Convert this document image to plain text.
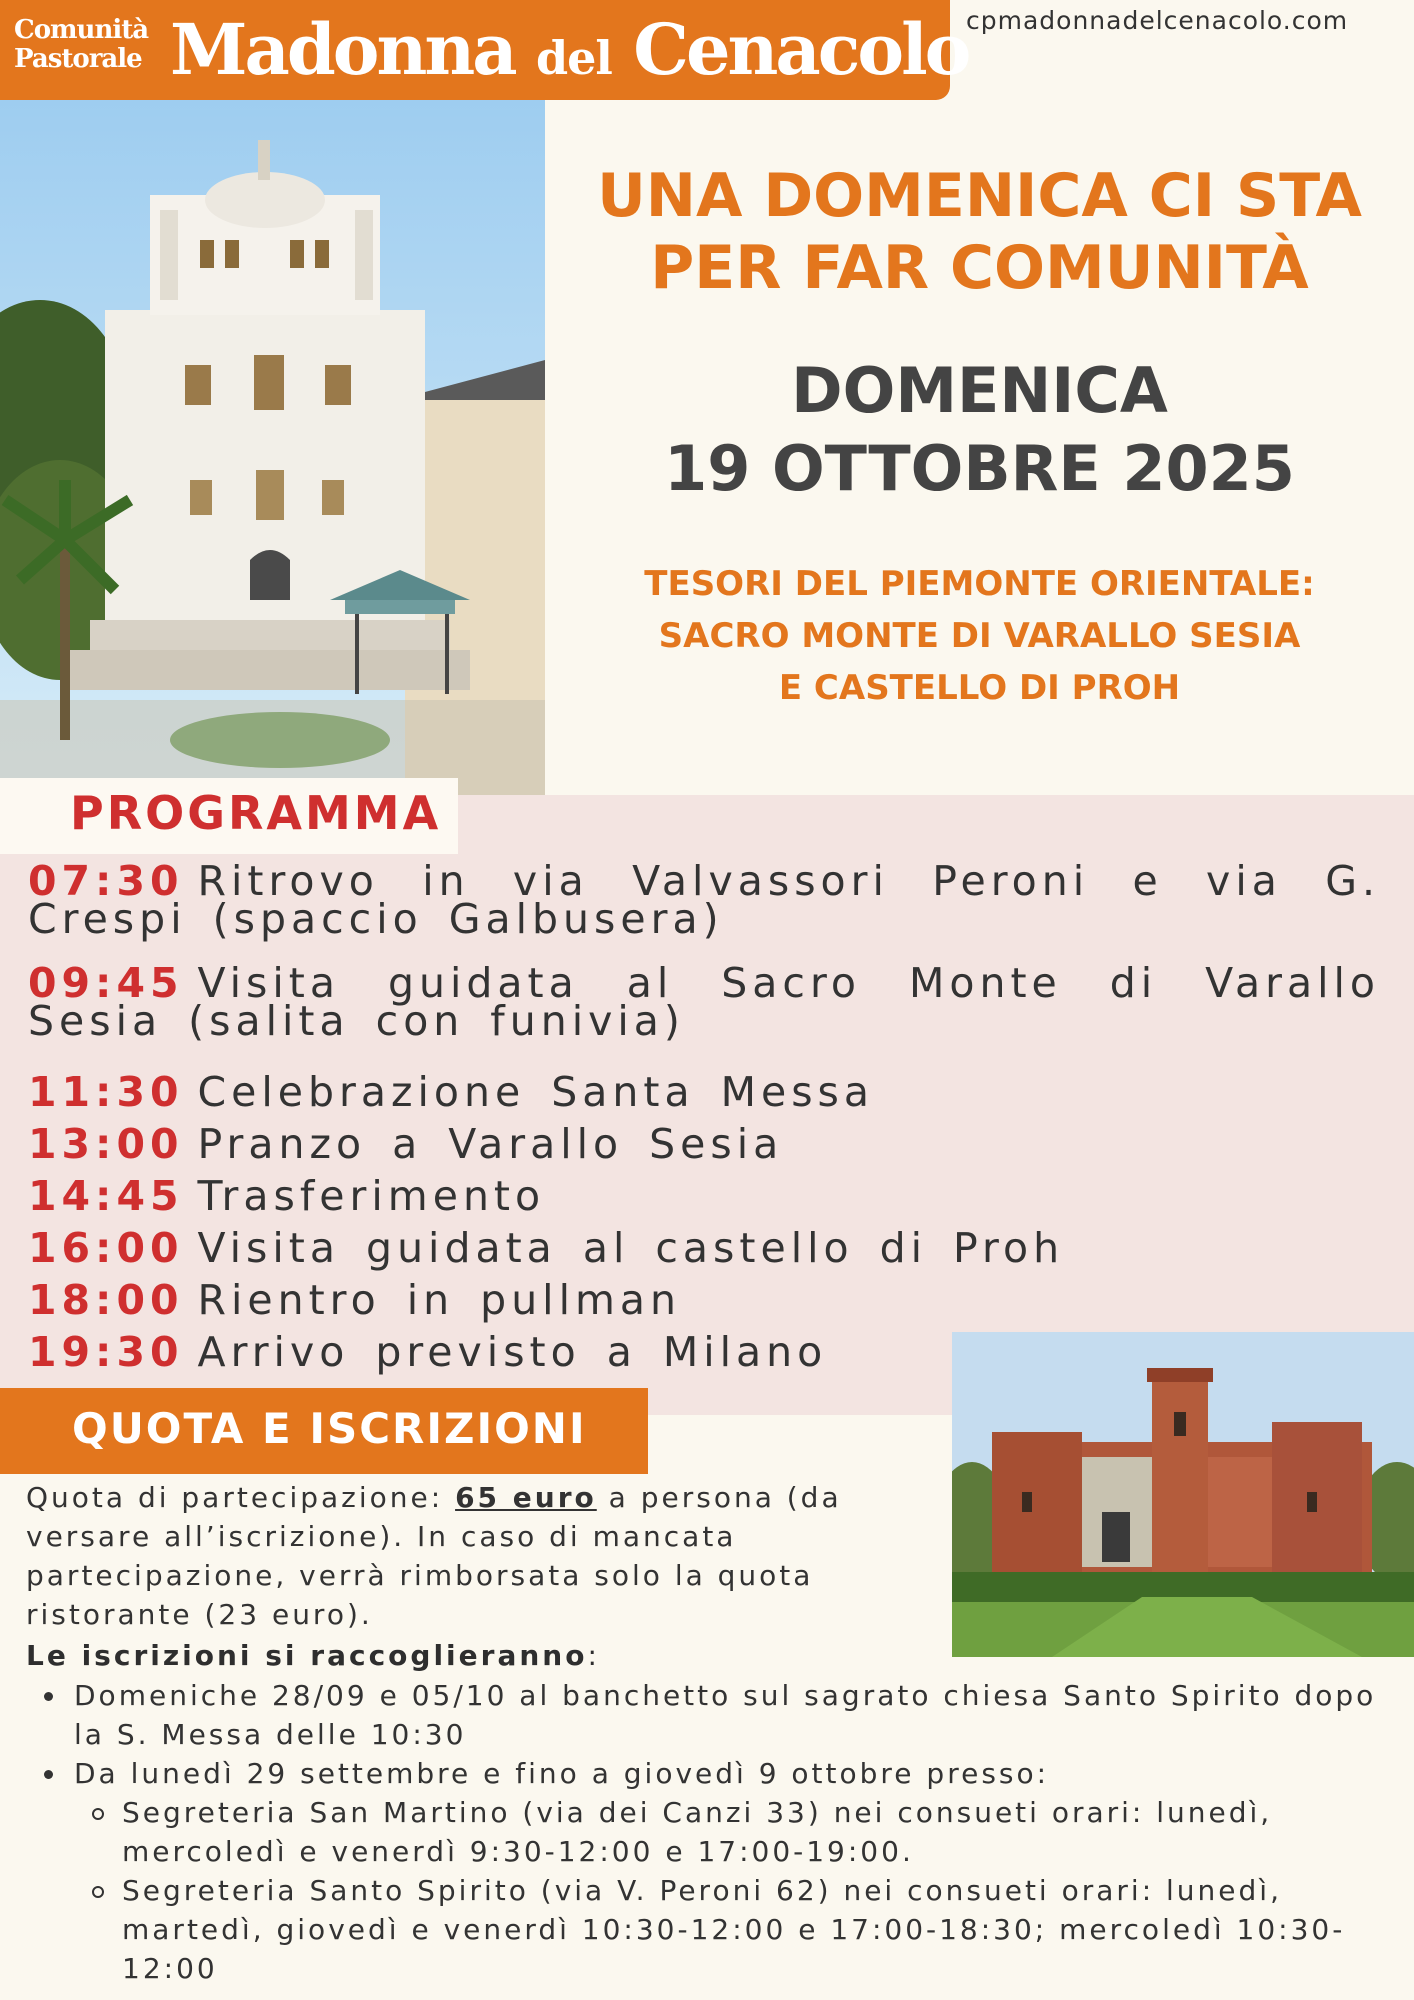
Comunità Pastorale Madonna del Cenacolo
cpmadonnadelcenacolo.com
UNA DOMENICA CI STA PER FAR COMUNITÀ
DOMENICA
19 OTTOBRE 2025
TESORI DEL PIEMONTE ORIENTALE:
SACRO MONTE DI VARALLO SESIA
E CASTELLO DI PROH
PROGRAMMA
07:30 Ritrovo in via Valvassori Peroni e via G. Crespi (spaccio Galbusera)
09:45 Visita guidata al Sacro Monte di Varallo Sesia (salita con funivia)
11:30 Celebrazione Santa Messa
13:00 Pranzo a Varallo Sesia
14:45 Trasferimento
16:00 Visita guidata al castello di Proh
18:00 Rientro in pullman
19:30 Arrivo previsto a Milano
QUOTA E ISCRIZIONI
Quota di partecipazione: 65 euro a persona (da versare all’iscrizione). In caso di mancata partecipazione, verrà rimborsata solo la quota ristorante (23 euro).
Le iscrizioni si raccoglieranno:
Domeniche 28/09 e 05/10 al banchetto sul sagrato chiesa Santo Spirito dopo la S. Messa delle 10:30
Da lunedì 29 settembre e fino a giovedì 9 ottobre presso:
Segreteria San Martino (via dei Canzi 33) nei consueti orari: lunedì, mercoledì e venerdì 9:30-12:00 e 17:00-19:00.
Segreteria Santo Spirito (via V. Peroni 62) nei consueti orari: lunedì, martedì, giovedì e venerdì 10:30-12:00 e 17:00-18:30; mercoledì 10:30-12:00
